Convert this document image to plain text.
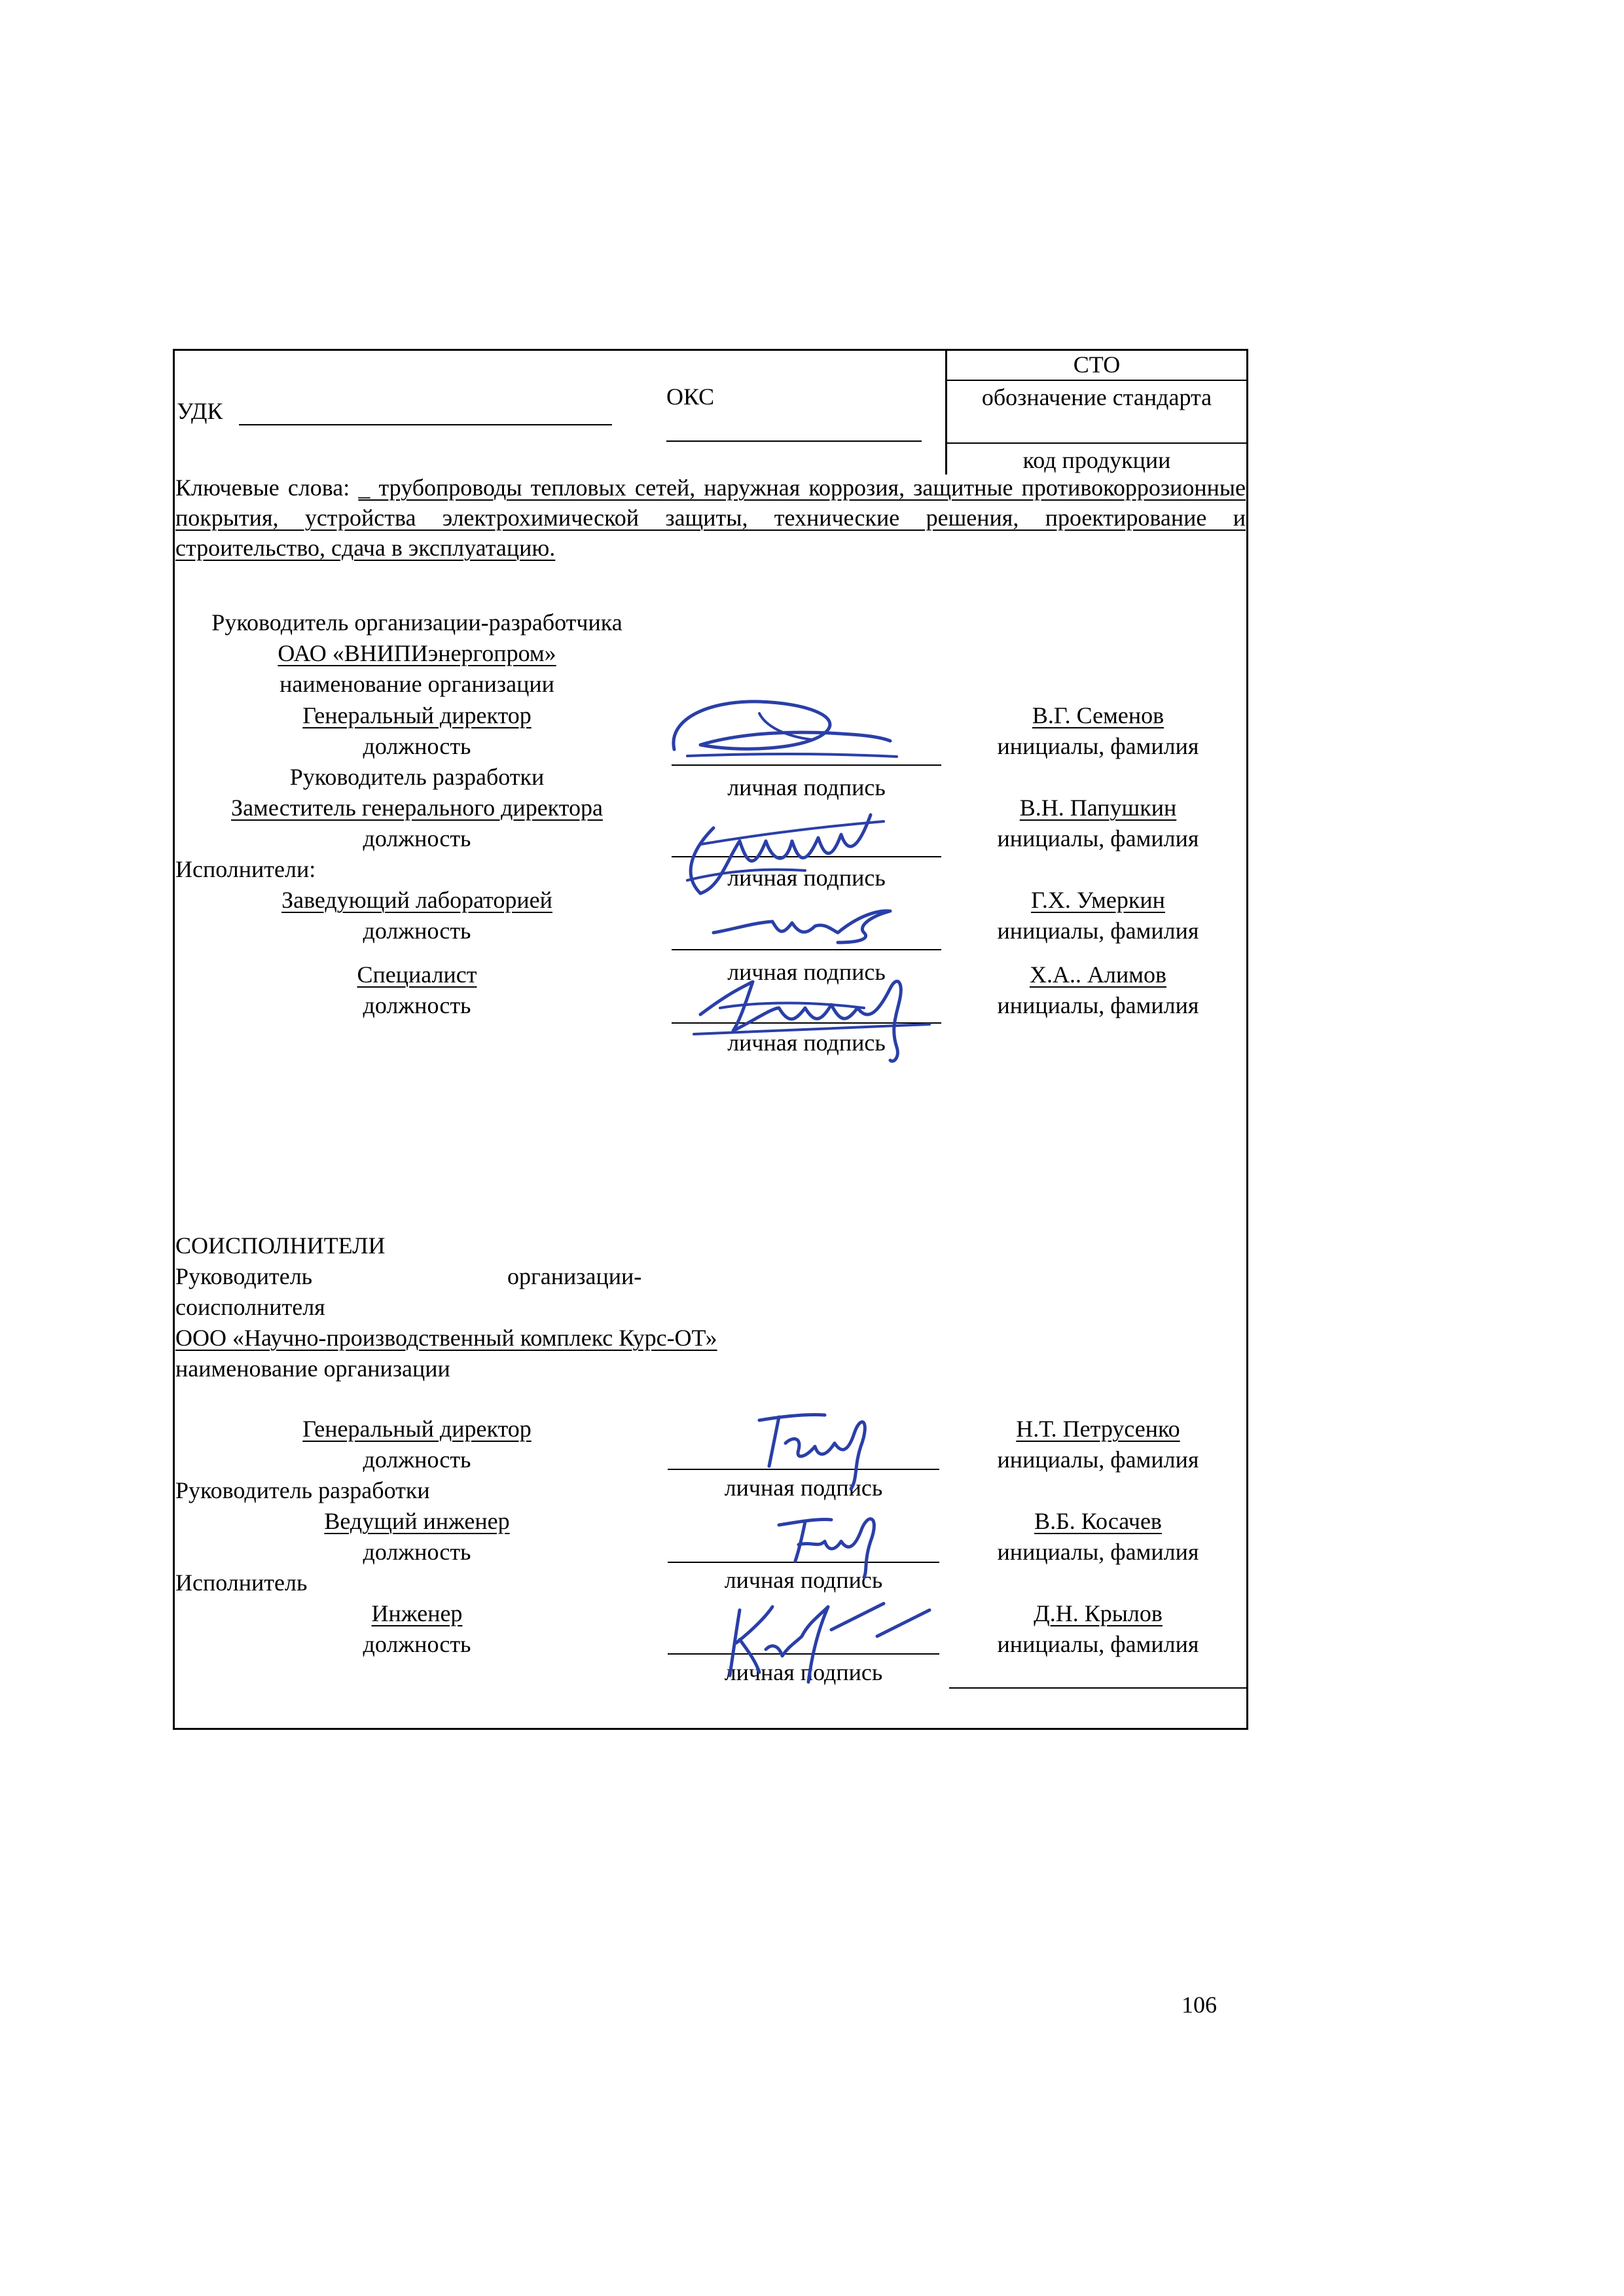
УДК
ОКС
СТО
обозначение стандарта
код продукции
Ключевые слова: _ трубопроводы тепловых сетей, наружная коррозия, защитные противокоррозионные покрытия, устройства электрохимической защиты, технические решения, проектирование и строительство, сдача в эксплуатацию.
Руководитель организации-разработчика
ОАО «ВНИПИэнергопром»
наименование организации
Генеральный директор
должность
личная подпись
В.Г. Семенов
инициалы, фамилия
Руководитель разработки
Заместитель генерального директора
должность
личная подпись
В.Н. Папушкин
инициалы, фамилия
Исполнители:
Заведующий лабораторией
должность
личная подпись
Г.Х. Умеркин
инициалы, фамилия
Специалист
должность
личная подпись
Х.А.. Алимов
инициалы, фамилия
СОИСПОЛНИТЕЛИ
Руководитель	организации-
соисполнителя
ООО «Научно-производственный комплекс Курс-ОТ»
наименование организации
Генеральный директор
должность
личная подпись
Н.Т. Петрусенко
инициалы, фамилия
Руководитель разработки
Ведущий инженер
должность
личная подпись
В.Б. Косачев
инициалы, фамилия
Исполнитель
Инженер
должность
личная подпись
Д.Н. Крылов
инициалы, фамилия
106
